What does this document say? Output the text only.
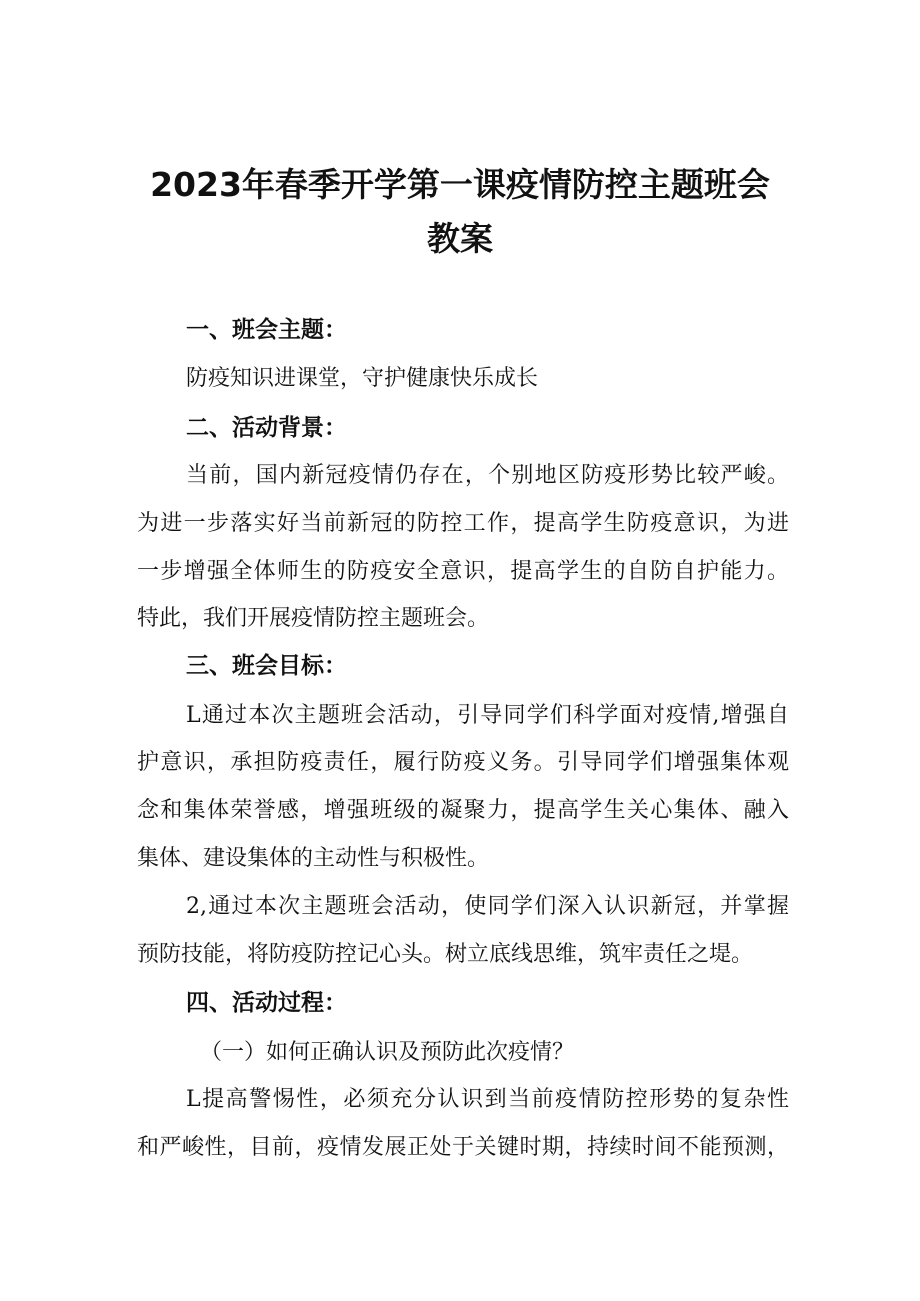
2023年春季开学第一课疫情防控主题班会
教案
一、班会主题：
防疫知识进课堂，守护健康快乐成长
二、活动背景：
当前，国内新冠疫情仍存在，个别地区防疫形势比较严峻。
为进一步落实好当前新冠的防控工作，提高学生防疫意识，为进
一步增强全体师生的防疫安全意识，提高学生的自防自护能力。
特此，我们开展疫情防控主题班会。
三、班会目标：
L通过本次主题班会活动，引导同学们科学面对疫情,增强自
护意识，承担防疫责任，履行防疫义务。引导同学们增强集体观
念和集体荣誉感，增强班级的凝聚力，提高学生关心集体、融入
集体、建设集体的主动性与积极性。
2,通过本次主题班会活动，使同学们深入认识新冠，并掌握
预防技能，将防疫防控记心头。树立底线思维，筑牢责任之堤。
四、活动过程：
（一）如何正确认识及预防此次疫情？
L提高警惕性，必须充分认识到当前疫情防控形势的复杂性
和严峻性，目前，疫情发展正处于关键时期，持续时间不能预测，
